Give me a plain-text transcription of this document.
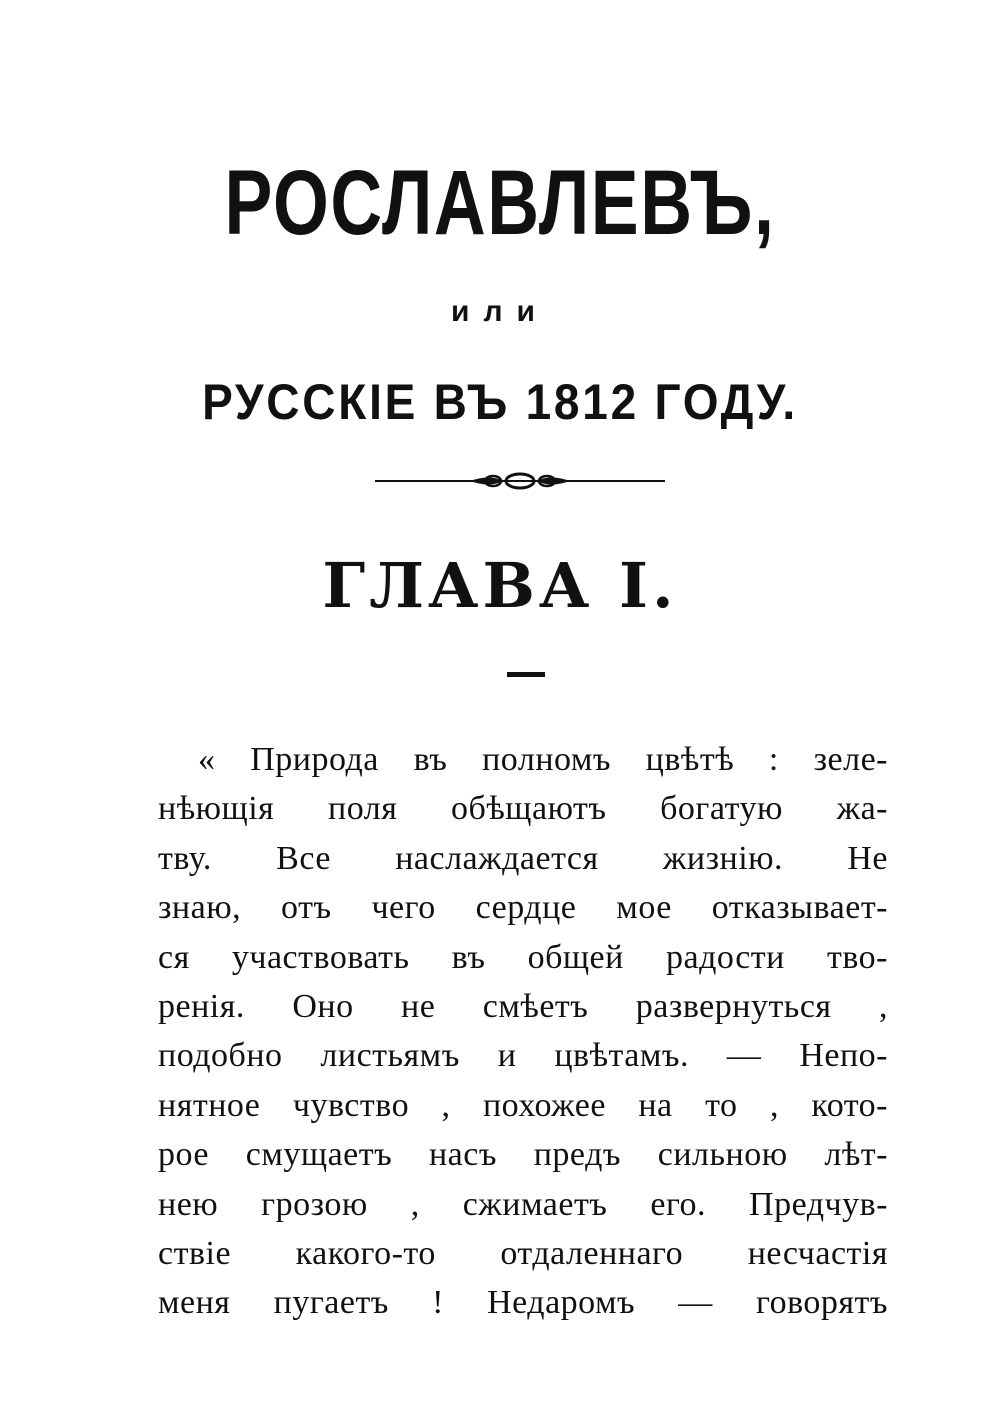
РОСЛАВЛЕВЪ,
или
РУССКІЕ ВЪ 1812 ГОДУ.
ГЛАВА I.
« Природа въ полномъ цвѣтѣ : зеле-
нѣющія поля обѣщаютъ богатую жа-
тву. Все наслаждается жизнію. Не
знаю, отъ чего сердце мое отказывает-
ся участвовать въ общей радости тво-
ренія. Оно не смѣетъ развернуться ,
подобно листьямъ и цвѣтамъ. — Непо-
нятное чувство , похожее на то , кото-
рое смущаетъ насъ предъ сильною лѣт-
нею грозою , сжимаетъ его. Предчув-
ствіе какого-то отдаленнаго несчастія
меня пугаетъ ! Недаромъ — говорятъ
